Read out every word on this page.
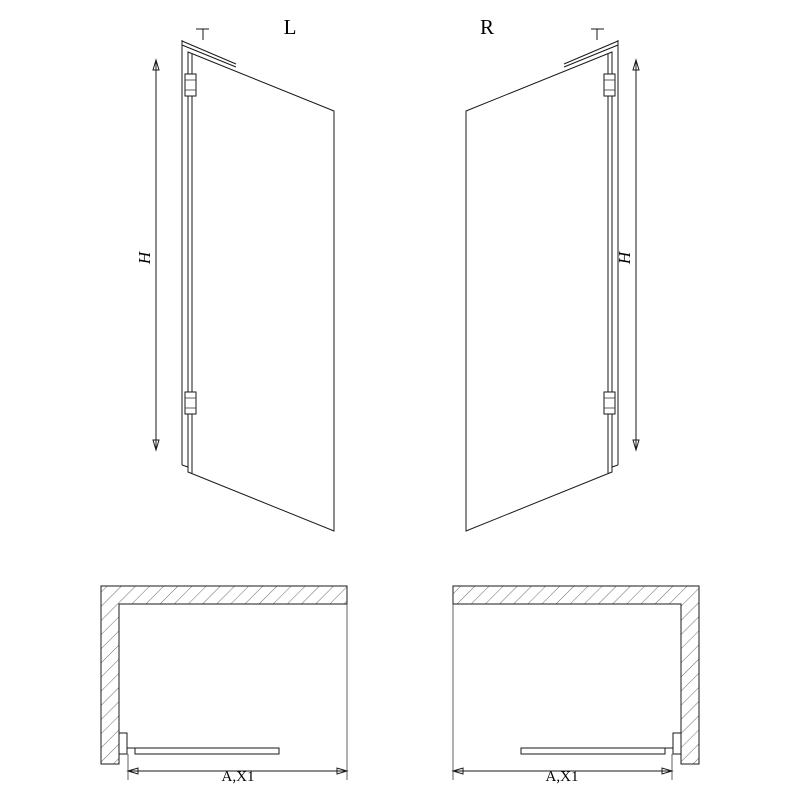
L
H
R
H
A,X1	A,X1
